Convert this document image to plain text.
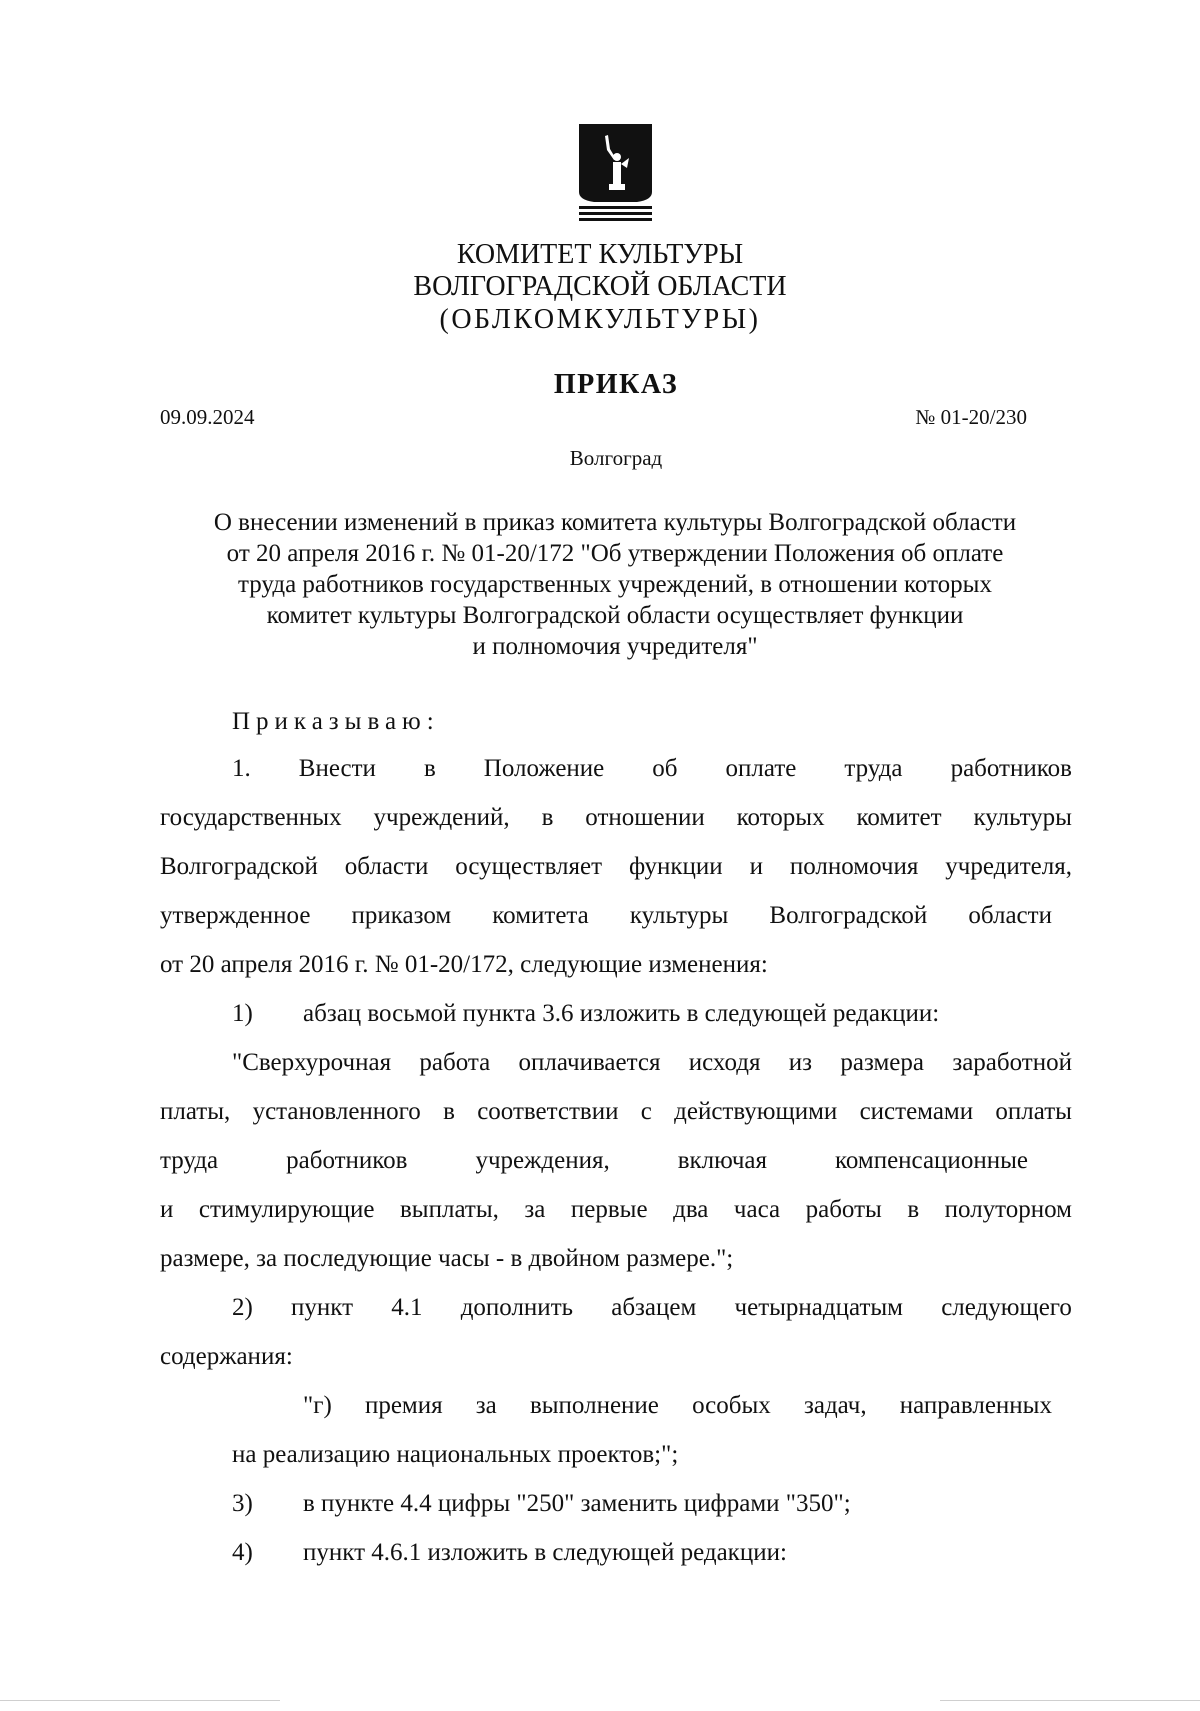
КОМИТЕТ КУЛЬТУРЫ
ВОЛГОГРАДСКОЙ ОБЛАСТИ
(ОБЛКОМКУЛЬТУРЫ)
ПРИКАЗ
09.09.2024	№ 01-20/230
Волгоград
О внесении изменений в приказ комитета культуры Волгоградской области
от 20 апреля 2016 г. № 01-20/172 "Об утверждении Положения об оплате
труда работников государственных учреждений, в отношении которых
комитет культуры Волгоградской области осуществляет функции
и полномочия учредителя"
Приказываю:
1. Внести в Положение об оплате труда работников
государственных учреждений, в отношении которых комитет культуры
Волгоградской области осуществляет функции и полномочия учредителя,
утвержденное приказом комитета культуры Волгоградской области
от 20 апреля 2016 г. № 01-20/172, следующие изменения:
1) абзац восьмой пункта 3.6 изложить в следующей редакции:
"Сверхурочная работа оплачивается исходя из размера заработной
платы, установленного в соответствии с действующими системами оплаты
труда	работников	учреждения,	включая	компенсационные
и стимулирующие выплаты, за первые два часа работы в полуторном
размере, за последующие часы - в двойном размере.";
2) пункт 4.1 дополнить абзацем четырнадцатым следующего
содержания:
"г) премия за выполнение особых задач, направленных
на реализацию национальных проектов;";
3) в пункте 4.4 цифры "250" заменить цифрами "350";
4) пункт 4.6.1 изложить в следующей редакции:
